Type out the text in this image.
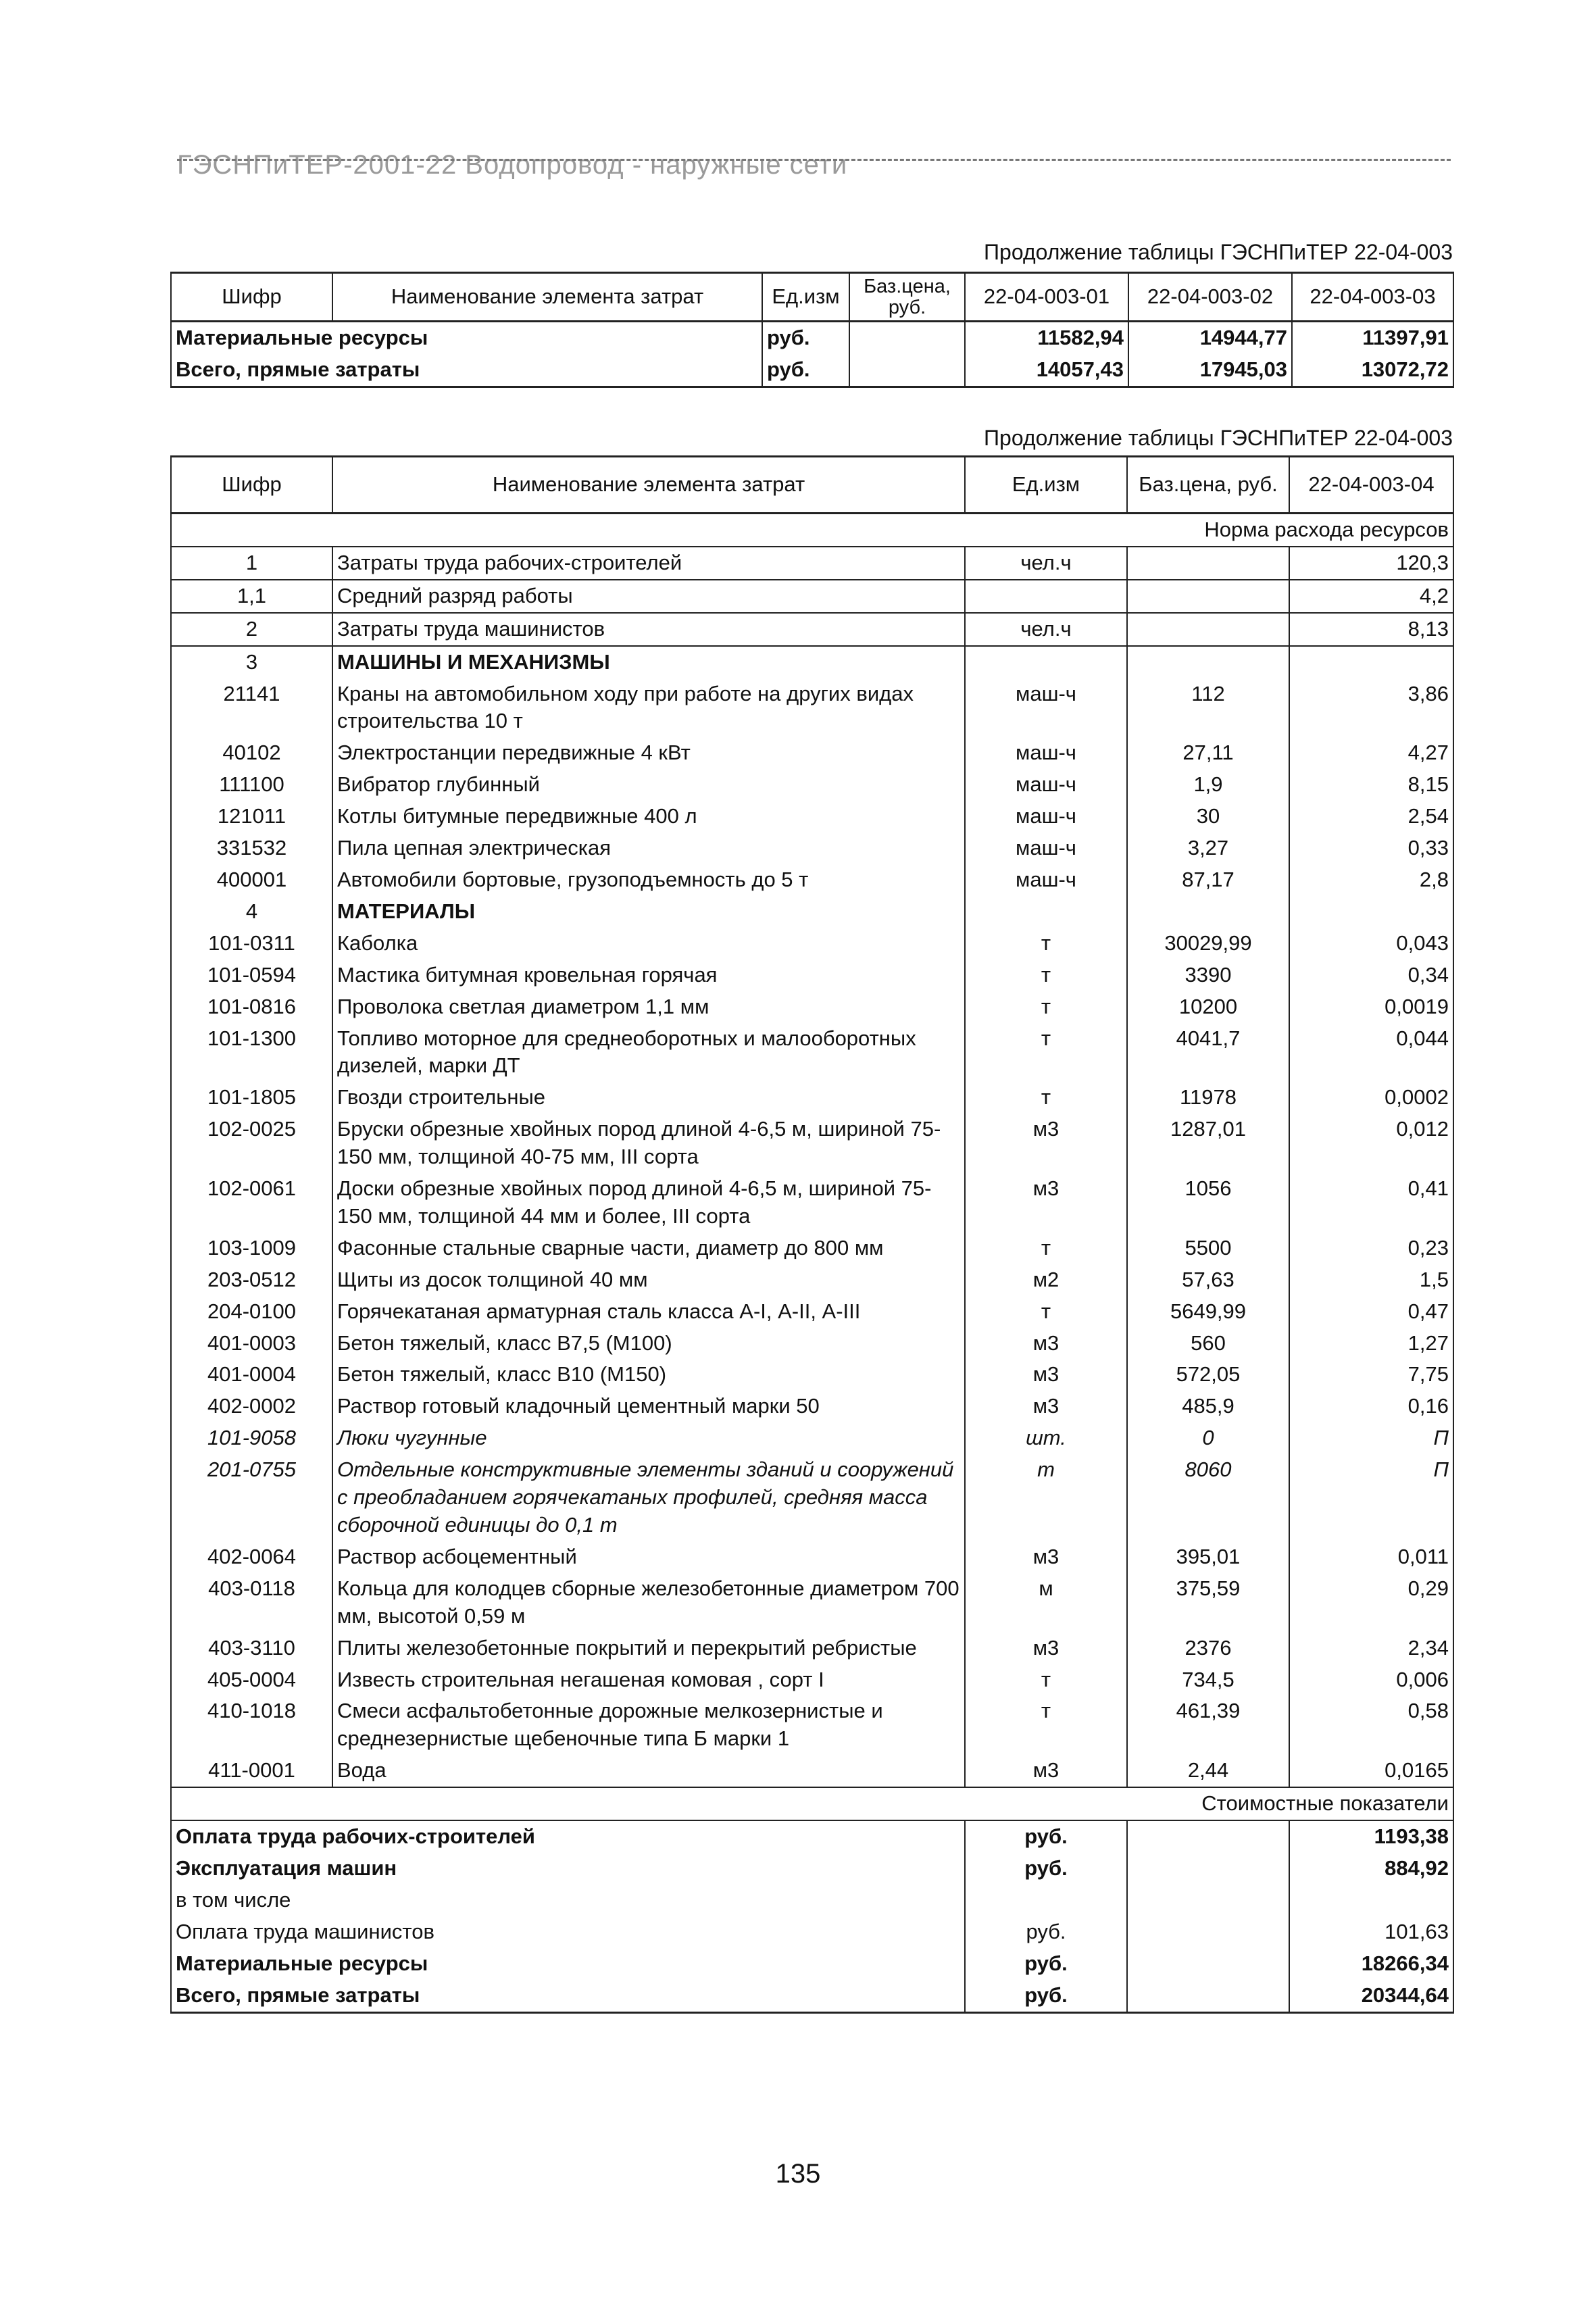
ГЭСНПиТЕР-2001-22 Водопровод - наружные сети
Продолжение таблицы ГЭСНПиТЕР 22-04-003
Шифр	Наименование элемента затрат	Ед.изм	Баз.цена, руб.	22-04-003-01	22-04-003-02	22-04-003-03
Материальные ресурсы		руб.		11582,94	14944,77	11397,91
Всего, прямые затраты		руб.		14057,43	17945,03	13072,72
Продолжение таблицы ГЭСНПиТЕР 22-04-003
Шифр	Наименование элемента затрат	Ед.изм	Баз.цена, руб.	22-04-003-04
Норма расхода ресурсов				
1	Затраты труда рабочих-строителей	чел.ч		120,3
1,1	Средний разряд работы			4,2
2	Затраты труда машинистов	чел.ч		8,13
3	МАШИНЫ И МЕХАНИЗМЫ			
21141	Краны на автомобильном ходу при работе на других видах строительства 10 т	маш-ч	112	3,86
40102	Электростанции передвижные 4 кВт	маш-ч	27,11	4,27
111100	Вибратор глубинный	маш-ч	1,9	8,15
121011	Котлы битумные передвижные 400 л	маш-ч	30	2,54
331532	Пила цепная электрическая	маш-ч	3,27	0,33
400001	Автомобили бортовые, грузоподъемность до 5 т	маш-ч	87,17	2,8
4	МАТЕРИАЛЫ			
101-0311	Каболка	т	30029,99	0,043
101-0594	Мастика битумная кровельная горячая	т	3390	0,34
101-0816	Проволока светлая диаметром 1,1 мм	т	10200	0,0019
101-1300	Топливо моторное для среднеоборотных и малооборотных дизелей, марки ДТ	т	4041,7	0,044
101-1805	Гвозди строительные	т	11978	0,0002
102-0025	Бруски обрезные хвойных пород длиной 4-6,5 м, шириной 75-150 мм, толщиной 40-75 мм, III сорта	м3	1287,01	0,012
102-0061	Доски обрезные хвойных пород длиной 4-6,5 м, шириной 75-150 мм, толщиной 44 мм и более, III сорта	м3	1056	0,41
103-1009	Фасонные стальные сварные части, диаметр до 800 мм	т	5500	0,23
203-0512	Щиты из досок толщиной 40 мм	м2	57,63	1,5
204-0100	Горячекатаная арматурная сталь класса А-I, А-II, А-III	т	5649,99	0,47
401-0003	Бетон тяжелый, класс В7,5 (М100)	м3	560	1,27
401-0004	Бетон тяжелый, класс В10 (М150)	м3	572,05	7,75
402-0002	Раствор готовый кладочный цементный марки 50	м3	485,9	0,16
101-9058	Люки чугунные	шт.	0	П
201-0755	Отдельные конструктивные элементы зданий и сооружений с преобладанием горячекатаных профилей, средняя масса сборочной единицы до 0,1 т	т	8060	П
402-0064	Раствор асбоцементный	м3	395,01	0,011
403-0118	Кольца для колодцев сборные железобетонные диаметром 700 мм, высотой 0,59 м	м	375,59	0,29
403-3110	Плиты железобетонные покрытий и перекрытий ребристые	м3	2376	2,34
405-0004	Известь строительная негашеная комовая , сорт I	т	734,5	0,006
410-1018	Смеси асфальтобетонные дорожные мелкозернистые и среднезернистые щебеночные типа Б марки 1	т	461,39	0,58
411-0001	Вода	м3	2,44	0,0165
Стоимостные показатели				
Оплата труда рабочих-строителей		руб.		1193,38
Эксплуатация машин		руб.		884,92
в том числе				
Оплата труда машинистов		руб.		101,63
Материальные ресурсы		руб.		18266,34
Всего, прямые затраты		руб.		20344,64
135
